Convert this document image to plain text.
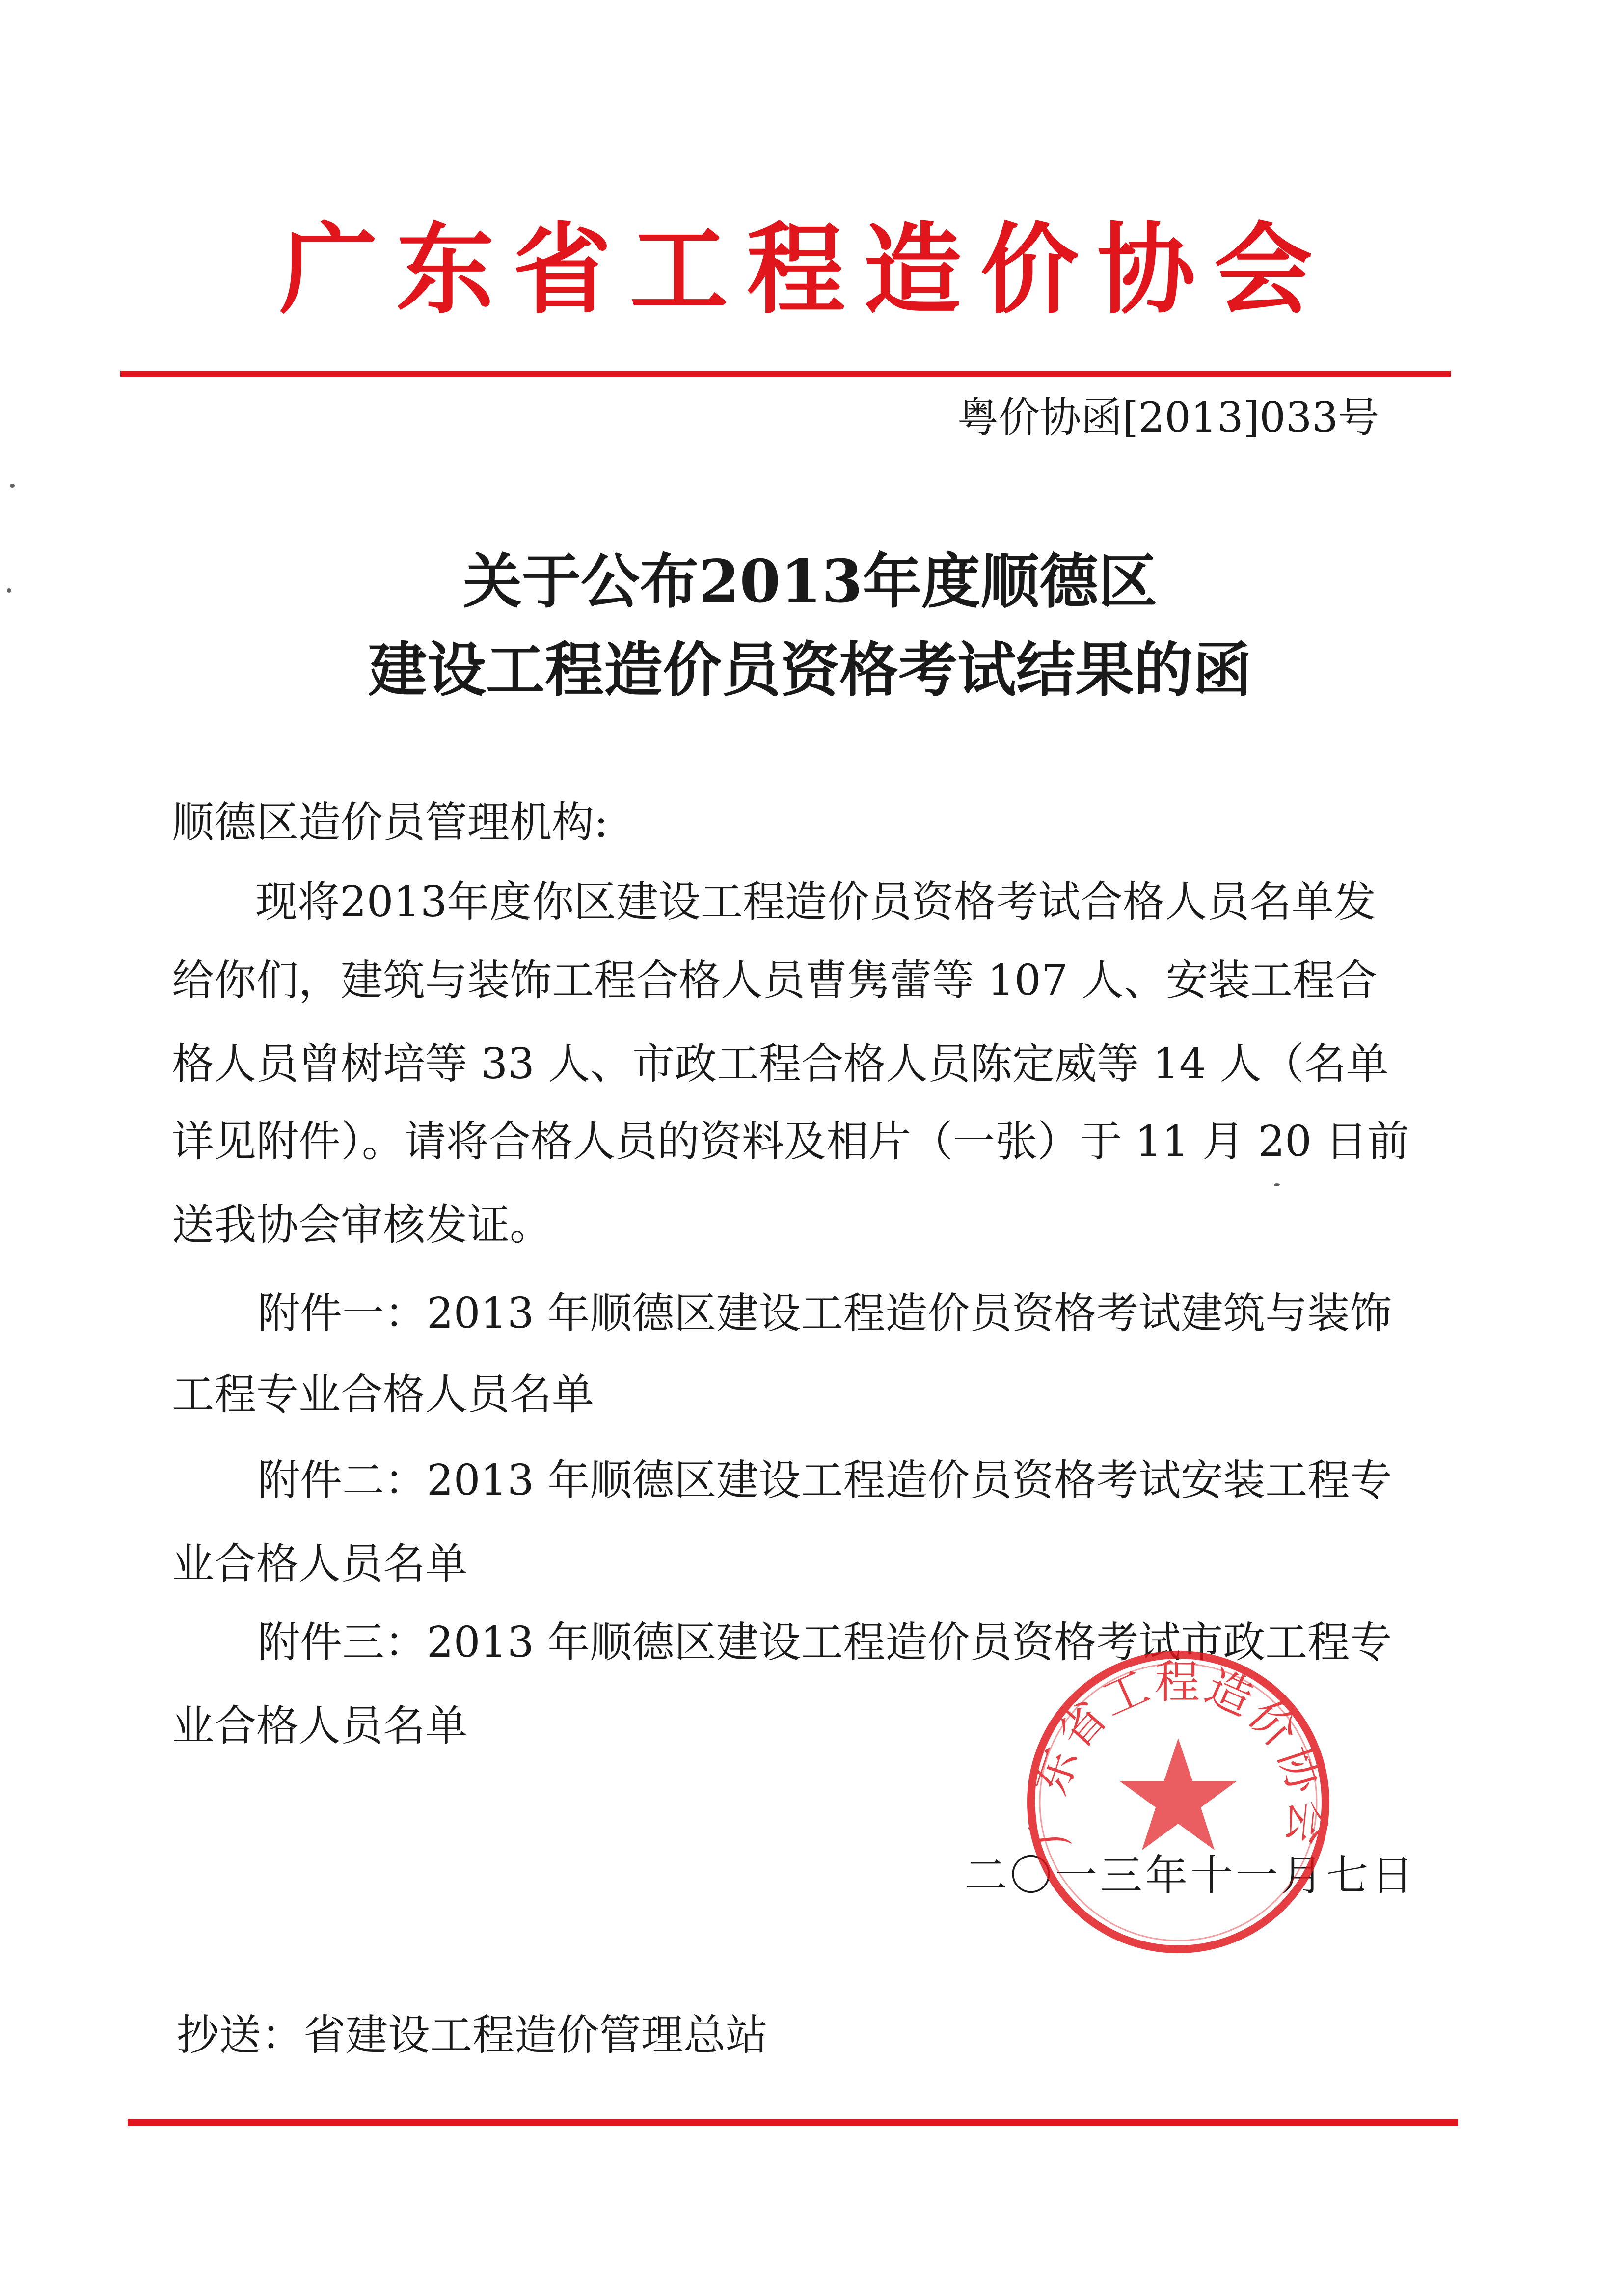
广东省工程造价协会
粤价协函[2013]033号
关于公布2013年度顺德区
建设工程造价员资格考试结果的函
顺德区造价员管理机构:
现将2013年度你区建设工程造价员资格考试合格人员名单发
给你们，建筑与装饰工程合格人员曹隽蕾等 107 人、安装工程合
格人员曾树培等 33 人、市政工程合格人员陈定威等 14 人（名单
详见附件）。请将合格人员的资料及相片（一张）于 11 月 20 日前
送我协会审核发证。
附件一：2013 年顺德区建设工程造价员资格考试建筑与装饰
工程专业合格人员名单
附件二：2013 年顺德区建设工程造价员资格考试安装工程专
业合格人员名单
附件三：2013 年顺德区建设工程造价员资格考试市政工程专
业合格人员名单
二〇一三年十一月七日
抄送：省建设工程造价管理总站
广东省工程造价协会
